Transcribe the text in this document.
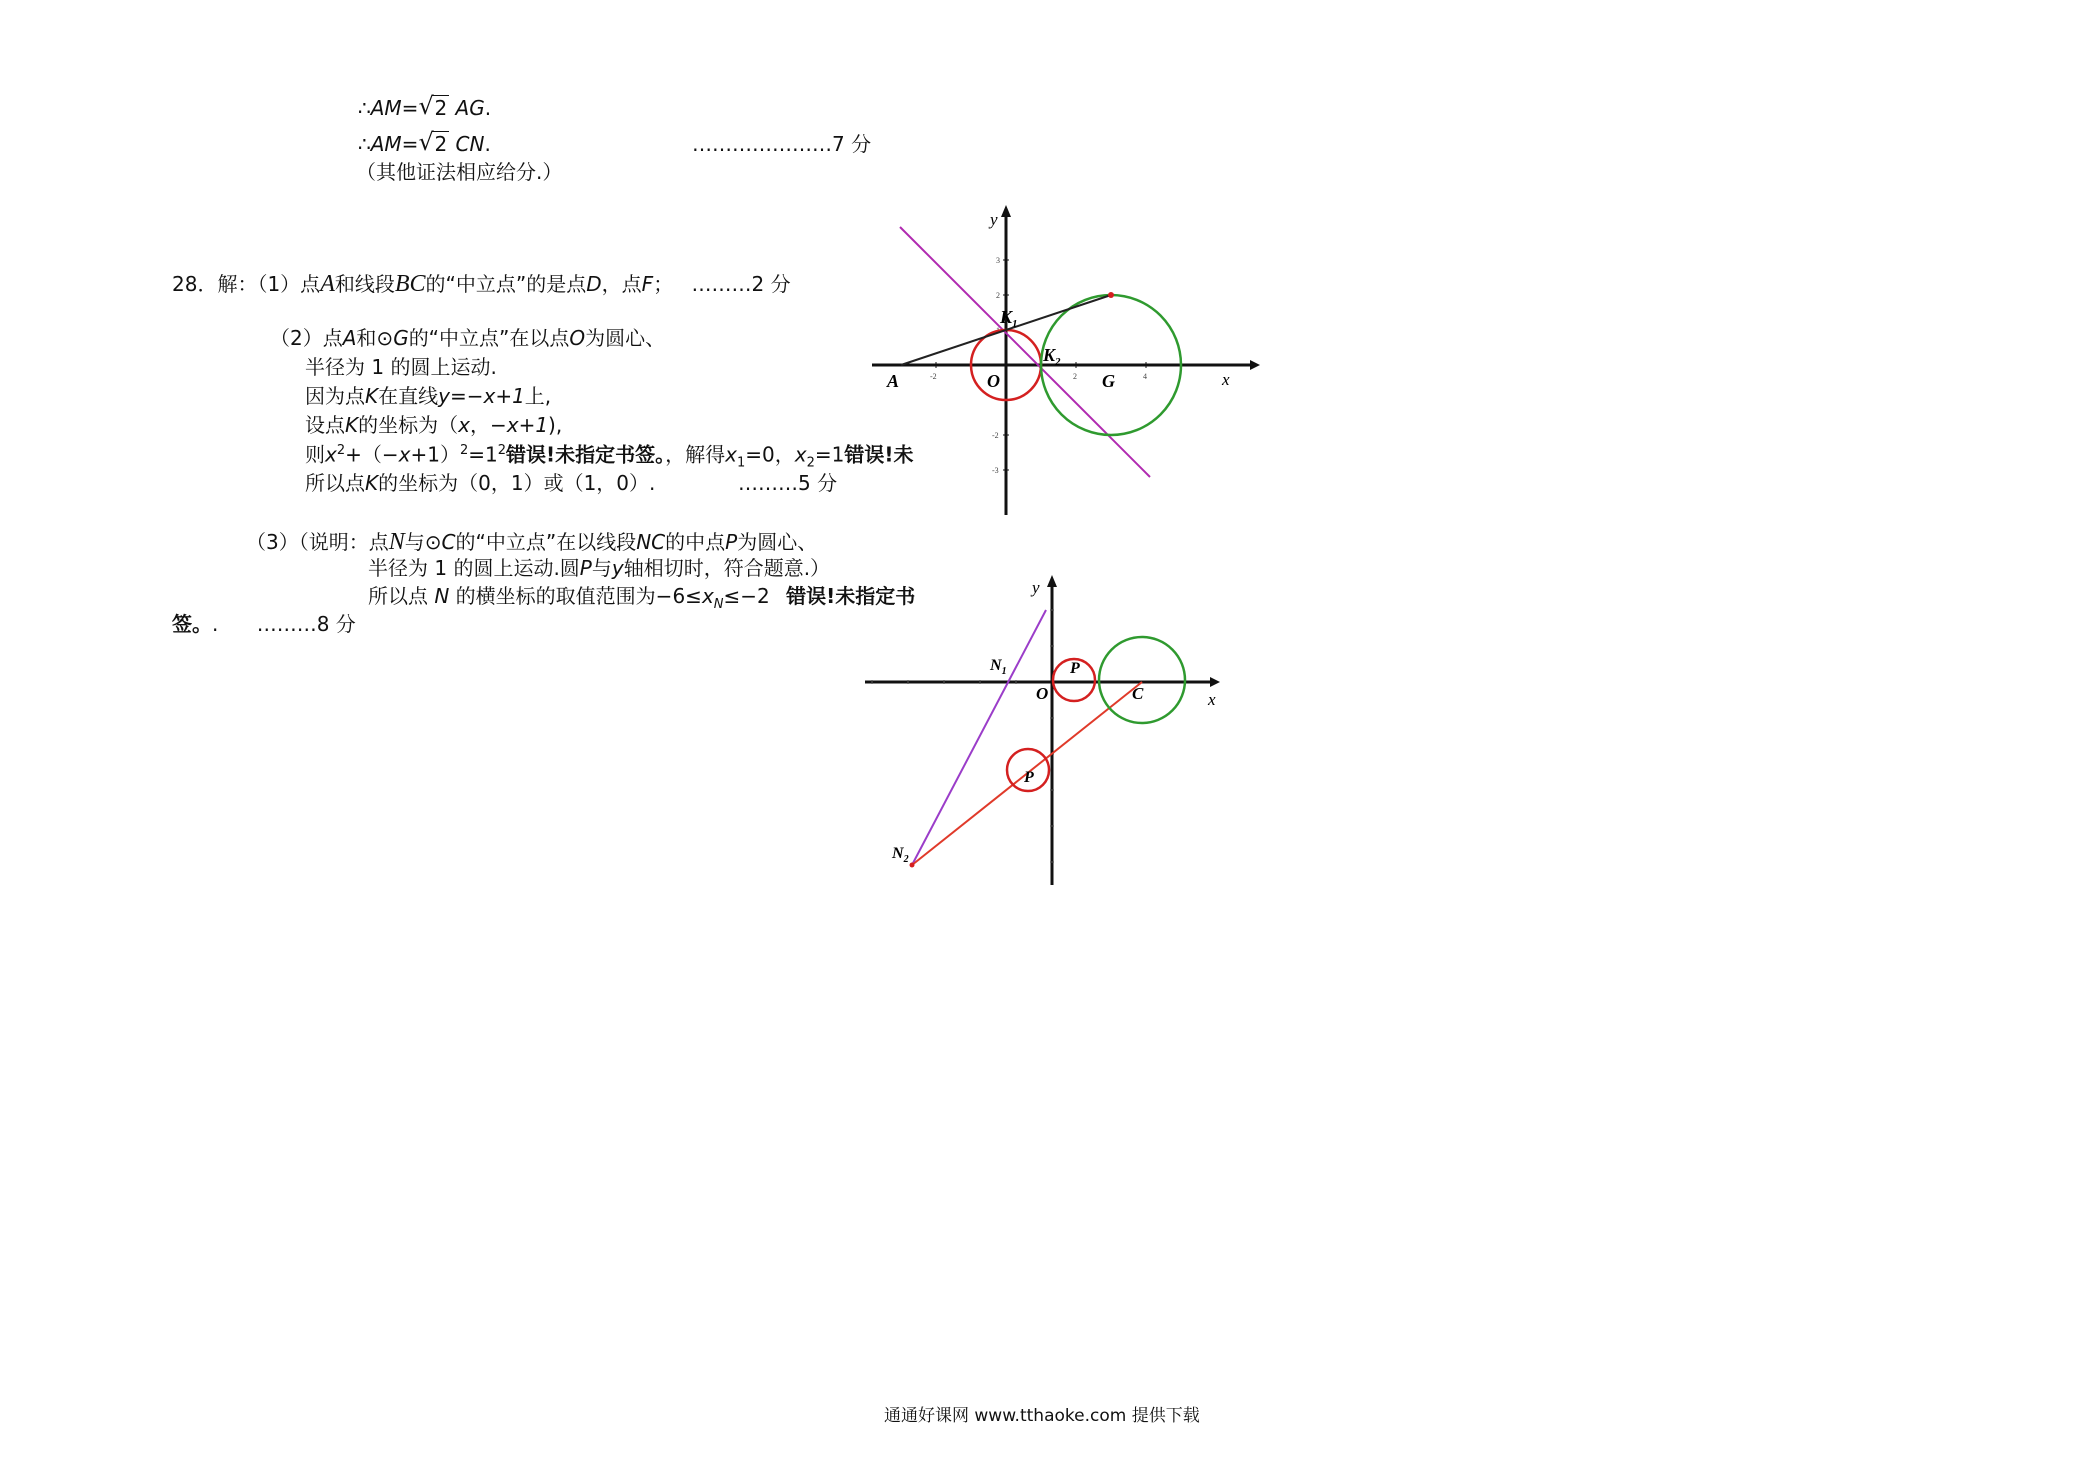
∴AM= √ 2 AG.
∴AM= √ 2 CN.	…………………7 分
（其他证法相应给分.）
28．解：（1）点A和线段BC的“中立点”的是点D，点F； ………2 分
（2）点A和⊙G的“中立点”在以点O为圆心、
半径为 1 的圆上运动.
因为点K在直线y=−x+1上,
设点K的坐标为（x，−x+1),
则$x^2+(-x+1)^2=1^2$错误!未指定书签。，解得$x_1=0$，$x_2=1$错误!未
所以点K的坐标为（0，1）或（1，0）.	………5 分
（3）（说明：点N与⊙C的“中立点”在以线段NC的中点P为圆心、
半径为 1 的圆上运动.圆P与y轴相切时，符合题意.）
所以点 N 的横坐标的取值范围为$-6\le x_N\le-2$ 错误!未指定书
签。. ………8 分
-2	2	4
3
2
1
-2
-3
y
x
A	O	G
$K_1$
$K_2$
y
x
O	C
P
P
$N_1$
$N_2$
通通好课网 www.tthaoke.com 提供下载
